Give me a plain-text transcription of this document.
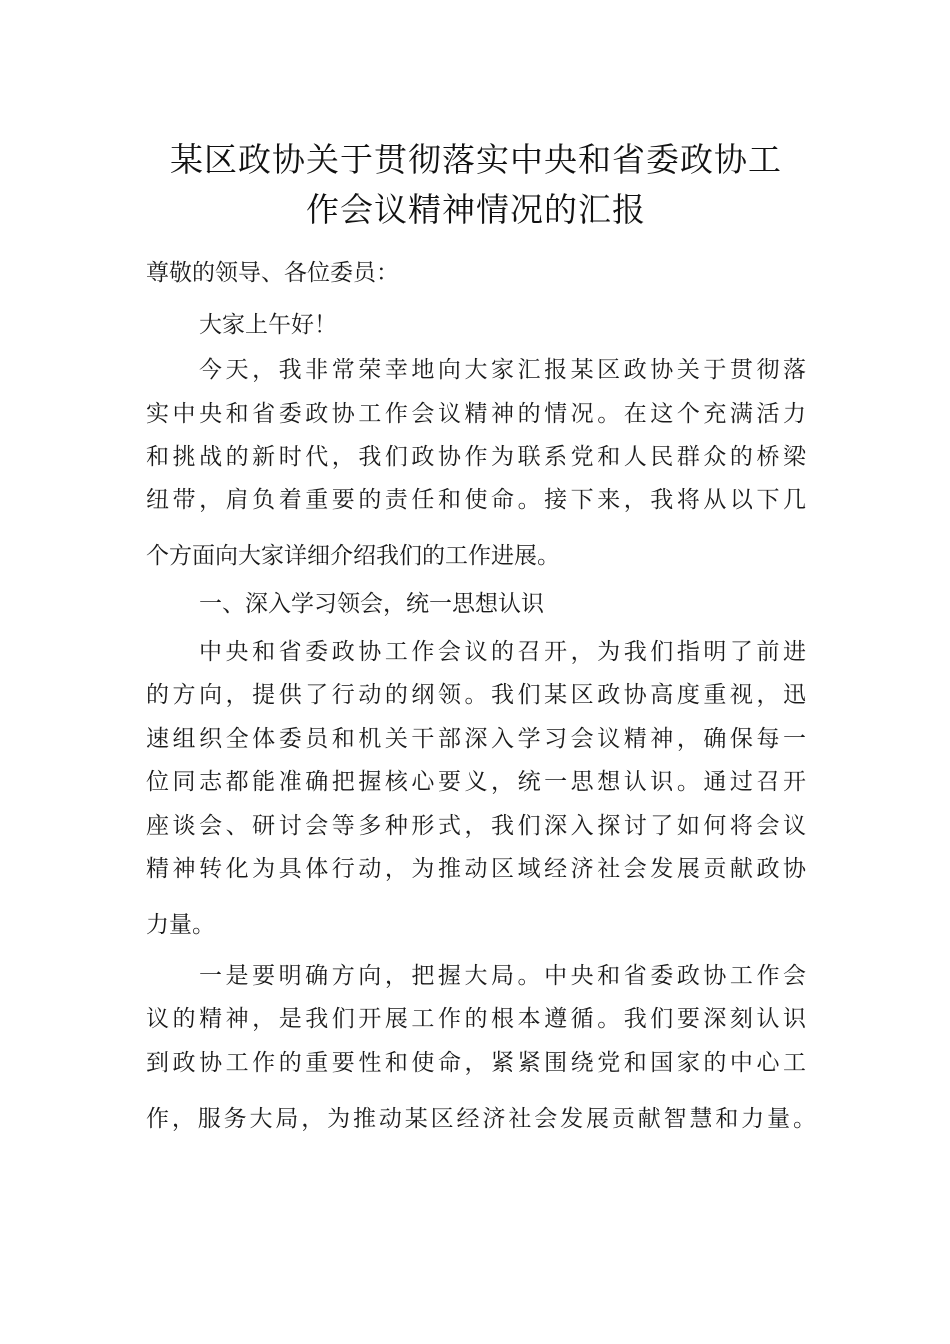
某区政协关于贯彻落实中央和省委政协工
作会议精神情况的汇报
尊敬的领导、各位委员：
大家上午好！
今天，我非常荣幸地向大家汇报某区政协关于贯彻落
实中央和省委政协工作会议精神的情况。在这个充满活力
和挑战的新时代，我们政协作为联系党和人民群众的桥梁
纽带，肩负着重要的责任和使命。接下来，我将从以下几
个方面向大家详细介绍我们的工作进展。
一、深入学习领会，统一思想认识
中央和省委政协工作会议的召开，为我们指明了前进
的方向，提供了行动的纲领。我们某区政协高度重视，迅
速组织全体委员和机关干部深入学习会议精神，确保每一
位同志都能准确把握核心要义，统一思想认识。通过召开
座谈会、研讨会等多种形式，我们深入探讨了如何将会议
精神转化为具体行动，为推动区域经济社会发展贡献政协
力量。
一是要明确方向，把握大局。中央和省委政协工作会
议的精神，是我们开展工作的根本遵循。我们要深刻认识
到政协工作的重要性和使命，紧紧围绕党和国家的中心工
作，服务大局，为推动某区经济社会发展贡献智慧和力量。
